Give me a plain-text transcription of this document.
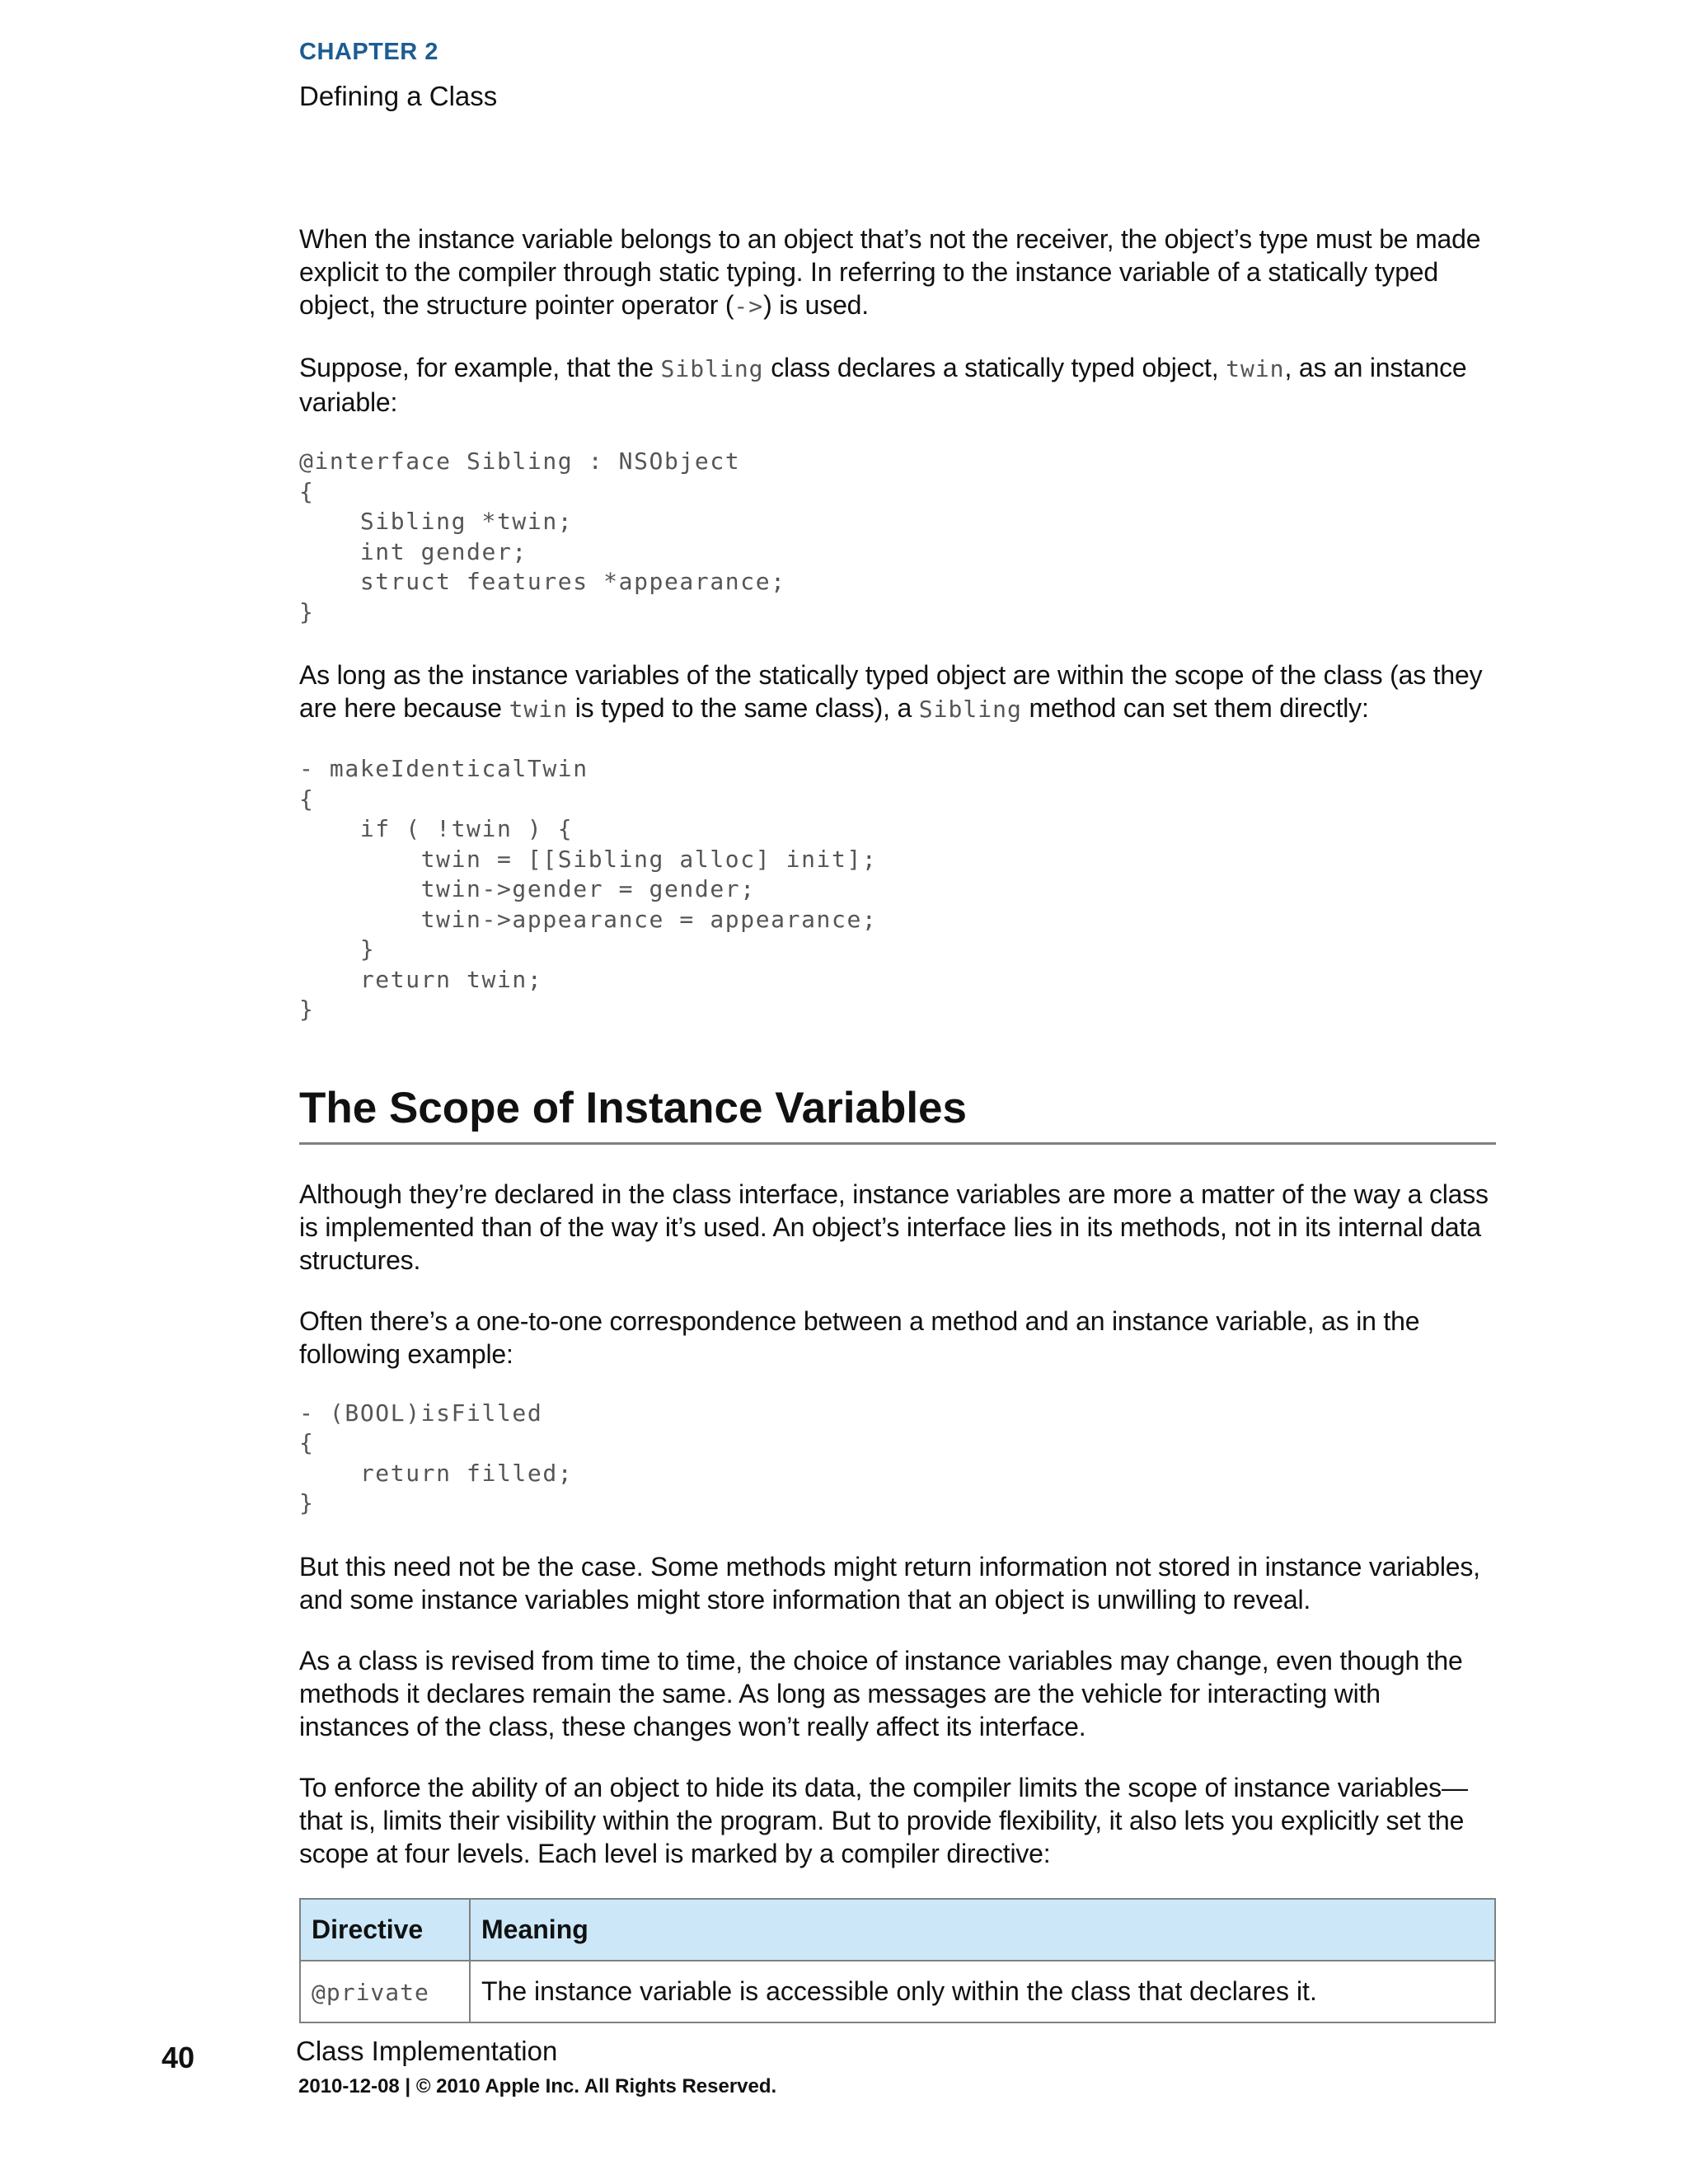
CHAPTER 2
Defining a Class

When the instance variable belongs to an object that’s not the receiver, the object’s type must be made explicit to the compiler through static typing. In referring to the instance variable of a statically typed object, the structure pointer operator (->) is used.

Suppose, for example, that the Sibling class declares a statically typed object, twin, as an instance variable:

@interface Sibling : NSObject
{
Sibling *twin;
int gender;
struct features *appearance;
}

As long as the instance variables of the statically typed object are within the scope of the class (as they are here because twin is typed to the same class), a Sibling method can set them directly:

- makeIdenticalTwin
{
if ( !twin ) {
twin = [[Sibling alloc] init];
twin->gender = gender;
twin->appearance = appearance;
}
return twin;
}
The Scope of Instance Variables

Although they’re declared in the class interface, instance variables are more a matter of the way a class is implemented than of the way it’s used. An object’s interface lies in its methods, not in its internal data structures.

Often there’s a one-to-one correspondence between a method and an instance variable, as in the following example:

- (BOOL)isFilled
{
return filled;
}

But this need not be the case. Some methods might return information not stored in instance variables, and some instance variables might store information that an object is unwilling to reveal.

As a class is revised from time to time, the choice of instance variables may change, even though the methods it declares remain the same. As long as messages are the vehicle for interacting with instances of the class, these changes won’t really affect its interface.

To enforce the ability of an object to hide its data, the compiler limits the scope of instance variables—that is, limits their visibility within the program. But to provide flexibility, it also lets you explicitly set the scope at four levels. Each level is marked by a compiler directive:

Directive	Meaning
@private	The instance variable is accessible only within the class that declares it.
40	Class Implementation
2010-12-08 | © 2010 Apple Inc. All Rights Reserved.
